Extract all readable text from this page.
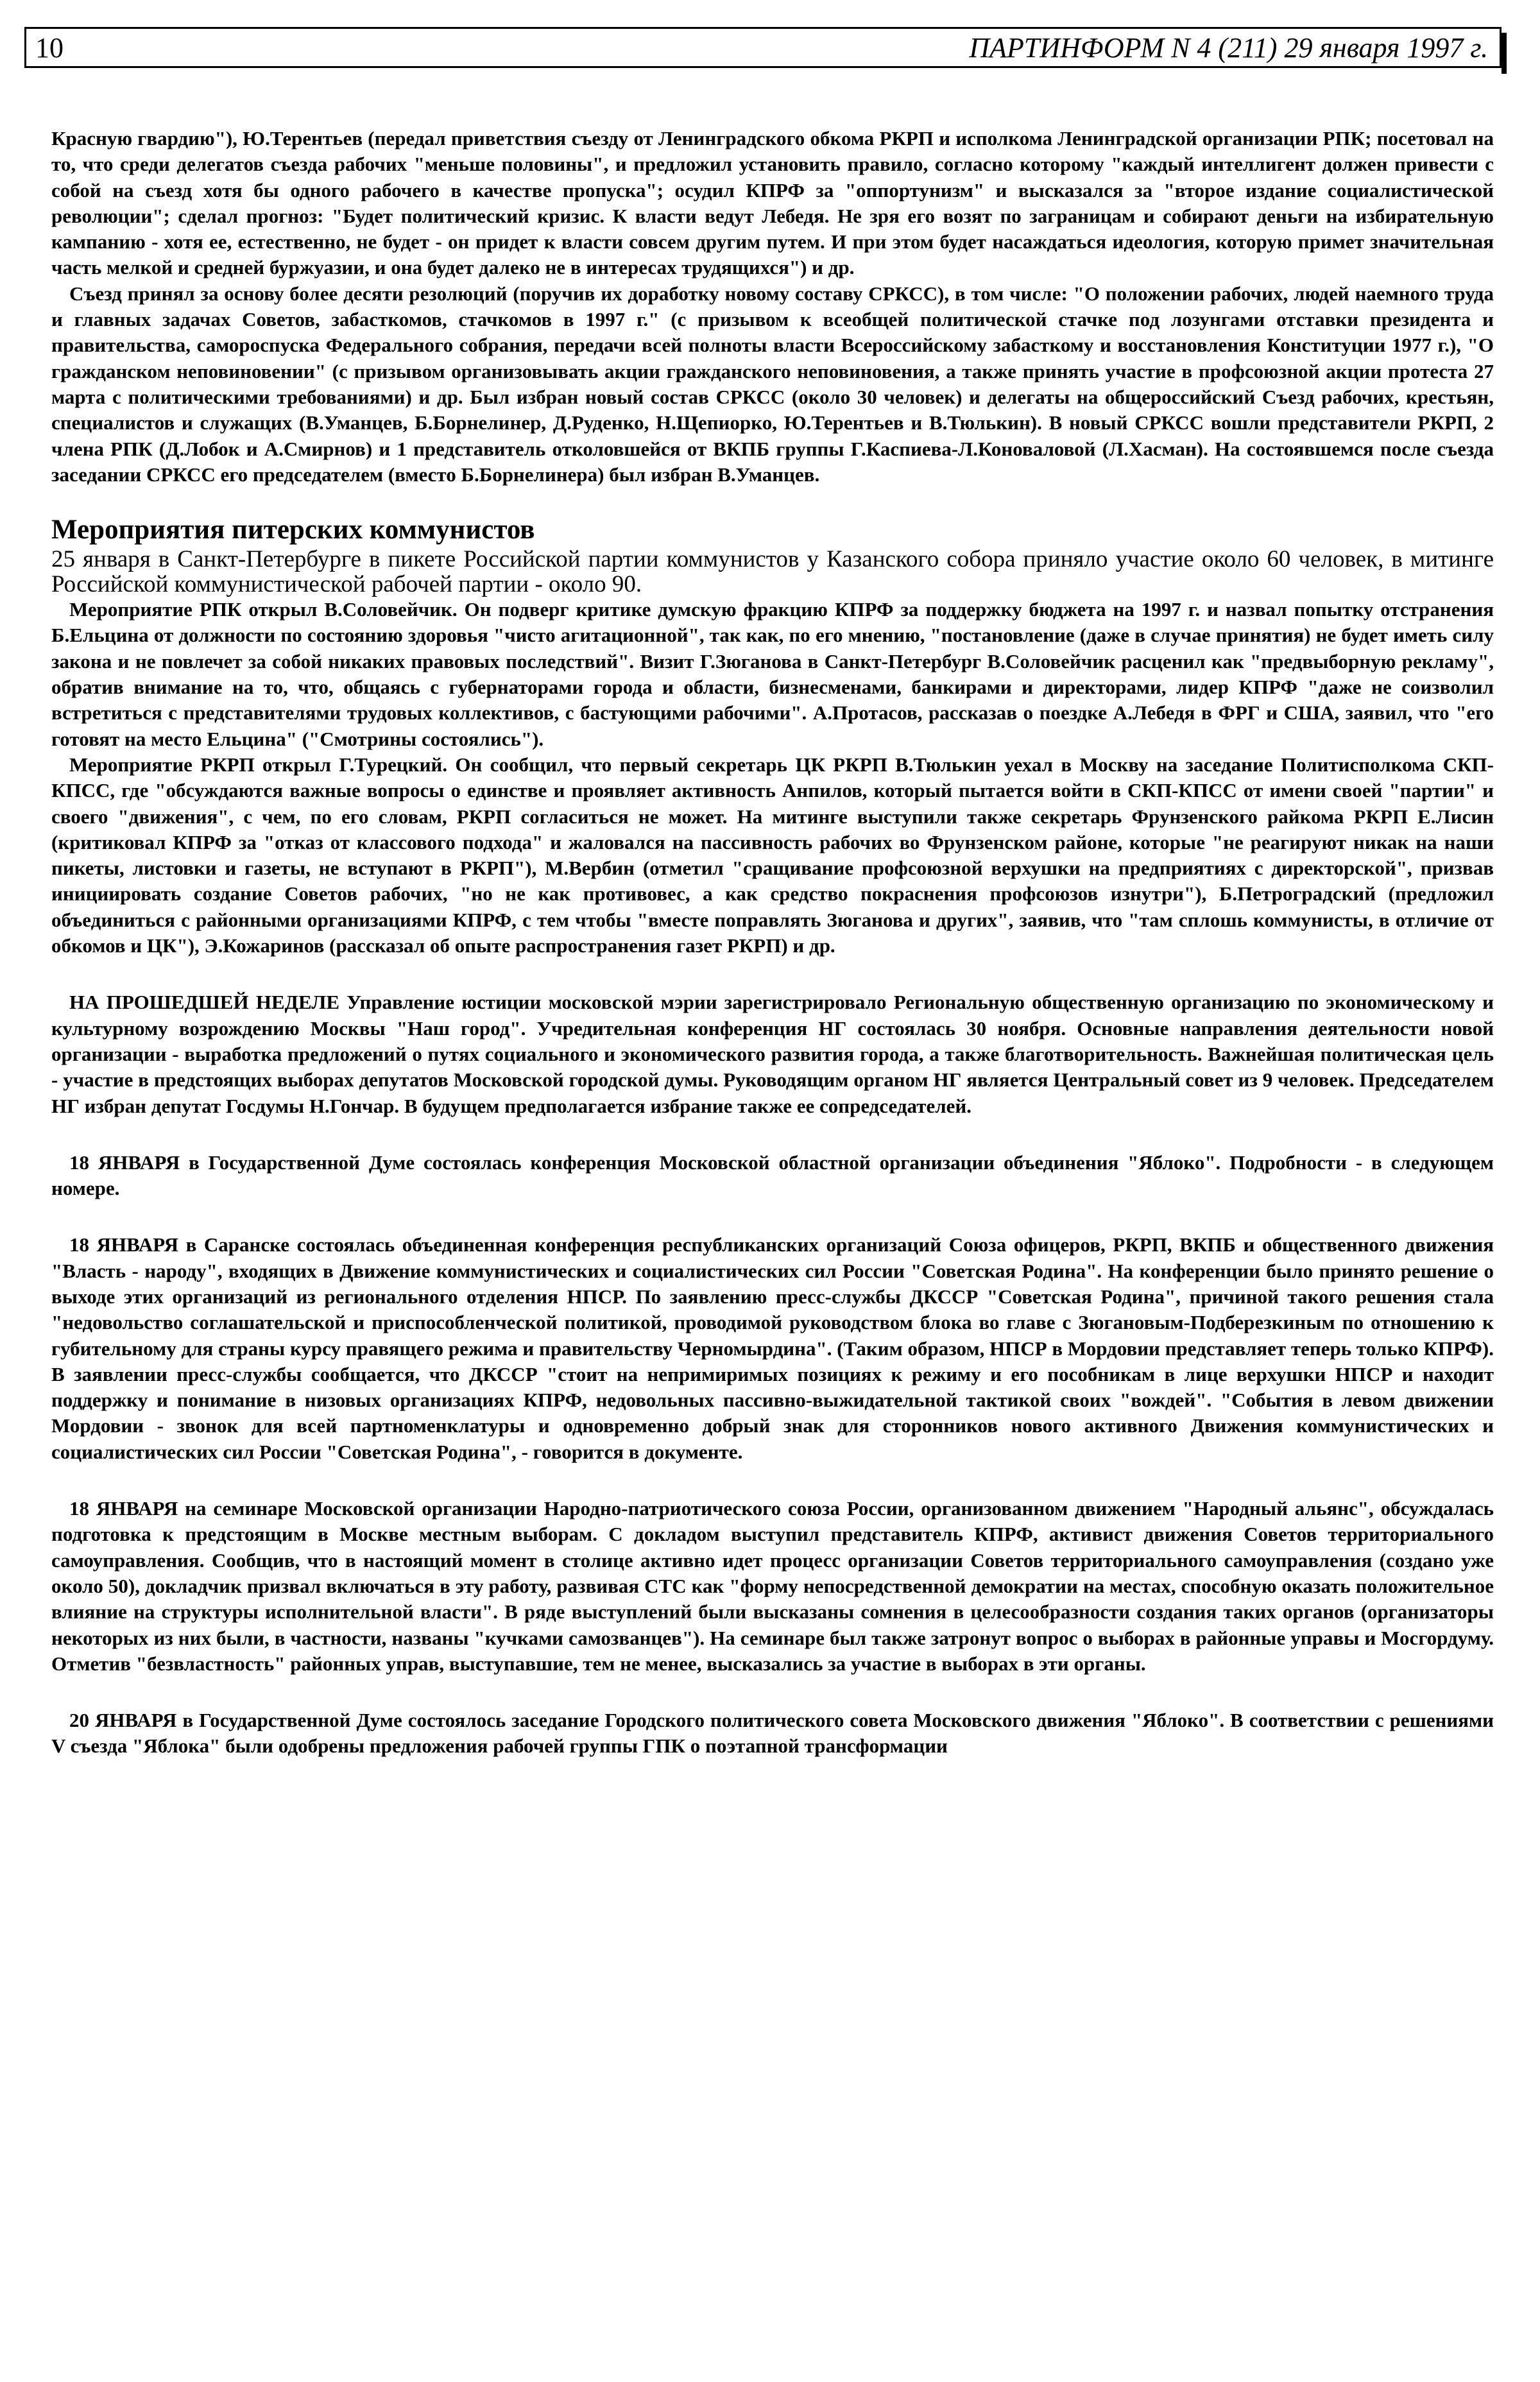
10	ПАРТИНФОРМ N 4 (211) 29 января 1997 г.

Красную гвардию"), Ю.Терентьев (передал приветствия съезду от Ленинградского обкома РКРП и исполкома Ленинградской организации РПК; посетовал на то, что среди делегатов съезда рабочих "меньше половины", и предложил установить правило, согласно которому "каждый интеллигент должен привести с собой на съезд хотя бы одного рабочего в качестве пропуска"; осудил КПРФ за "оппортунизм" и высказался за "второе издание социалистической революции"; сделал прогноз: "Будет политический кризис. К власти ведут Лебедя. Не зря его возят по заграницам и собирают деньги на избирательную кампанию - хотя ее, естественно, не будет - он придет к власти совсем другим путем. И при этом будет насаждаться идеология, которую примет значительная часть мелкой и средней буржуазии, и она будет далеко не в интересах трудящихся") и др.

Съезд принял за основу более десяти резолюций (поручив их доработку новому составу СРКСС), в том числе: "О положении рабочих, людей наемного труда и главных задачах Советов, забасткомов, стачкомов в 1997 г." (с призывом к всеобщей политической стачке под лозунгами отставки президента и правительства, самороспуска Федерального собрания, передачи всей полноты власти Всероссийскому забасткому и восстановления Конституции 1977 г.), "О гражданском неповиновении" (с призывом организовывать акции гражданского неповиновения, а также принять участие в профсоюзной акции протеста 27 марта с политическими требованиями) и др. Был избран новый состав СРКСС (около 30 человек) и делегаты на общероссийский Съезд рабочих, крестьян, специалистов и служащих (В.Уманцев, Б.Борнелинер, Д.Руденко, Н.Щепиорко, Ю.Терентьев и В.Тюлькин). В новый СРКСС вошли представители РКРП, 2 члена РПК (Д.Лобок и А.Смирнов) и 1 представитель отколовшейся от ВКПБ группы Г.Каспиева-Л.Коноваловой (Л.Хасман). На состоявшемся после съезда заседании СРКСС его председателем (вместо Б.Борнелинера) был избран В.Уманцев.

Мероприятия питерских коммунистов

25 января в Санкт-Петербурге в пикете Российской партии коммунистов у Казанского собора приняло участие около 60 человек, в митинге Российской коммунистической рабочей партии - около 90.

Мероприятие РПК открыл В.Соловейчик. Он подверг критике думскую фракцию КПРФ за поддержку бюджета на 1997 г. и назвал попытку отстранения Б.Ельцина от должности по состоянию здоровья "чисто агитационной", так как, по его мнению, "постановление (даже в случае принятия) не будет иметь силу закона и не повлечет за собой никаких правовых последствий". Визит Г.Зюганова в Санкт-Петербург В.Соловейчик расценил как "предвыборную рекламу", обратив внимание на то, что, общаясь с губернаторами города и области, бизнесменами, банкирами и директорами, лидер КПРФ "даже не соизволил встретиться с представителями трудовых коллективов, с бастующими рабочими". А.Протасов, рассказав о поездке А.Лебедя в ФРГ и США, заявил, что "его готовят на место Ельцина" ("Смотрины состоялись").

Мероприятие РКРП открыл Г.Турецкий. Он сообщил, что первый секретарь ЦК РКРП В.Тюлькин уехал в Москву на заседание Политисполкома СКП-КПСС, где "обсуждаются важные вопросы о единстве и проявляет активность Анпилов, который пытается войти в СКП-КПСС от имени своей "партии" и своего "движения", с чем, по его словам, РКРП согласиться не может. На митинге выступили также секретарь Фрунзенского райкома РКРП Е.Лисин (критиковал КПРФ за "отказ от классового подхода" и жаловался на пассивность рабочих во Фрунзенском районе, которые "не реагируют никак на наши пикеты, листовки и газеты, не вступают в РКРП"), М.Вербин (отметил "сращивание профсоюзной верхушки на предприятиях с директорской", призвав инициировать создание Советов рабочих, "но не как противовес, а как средство покраснения профсоюзов изнутри"), Б.Петроградский (предложил объединиться с районными организациями КПРФ, с тем чтобы "вместе поправлять Зюганова и других", заявив, что "там сплошь коммунисты, в отличие от обкомов и ЦК"), Э.Кожаринов (рассказал об опыте распространения газет РКРП) и др.

НА ПРОШЕДШЕЙ НЕДЕЛЕ Управление юстиции московской мэрии зарегистрировало Региональную общественную организацию по экономическому и культурному возрождению Москвы "Наш город". Учредительная конференция НГ состоялась 30 ноября. Основные направления деятельности новой организации - выработка предложений о путях социального и экономического развития города, а также благотворительность. Важнейшая политическая цель - участие в предстоящих выборах депутатов Московской городской думы. Руководящим органом НГ является Центральный совет из 9 человек. Председателем НГ избран депутат Госдумы Н.Гончар. В будущем предполагается избрание также ее сопредседателей.

18 ЯНВАРЯ в Государственной Думе состоялась конференция Московской областной организации объединения "Яблоко". Подробности - в следующем номере.

18 ЯНВАРЯ в Саранске состоялась объединенная конференция республиканских организаций Союза офицеров, РКРП, ВКПБ и общественного движения "Власть - народу", входящих в Движение коммунистических и социалистических сил России "Советская Родина". На конференции было принято решение о выходе этих организаций из регионального отделения НПСР. По заявлению пресс-службы ДКССР "Советская Родина", причиной такого решения стала "недовольство соглашательской и приспособленческой политикой, проводимой руководством блока во главе с Зюгановым-Подберезкиным по отношению к губительному для страны курсу правящего режима и правительству Черномырдина". (Таким образом, НПСР в Мордовии представляет теперь только КПРФ). В заявлении пресс-службы сообщается, что ДКССР "стоит на непримиримых позициях к режиму и его пособникам в лице верхушки НПСР и находит поддержку и понимание в низовых организациях КПРФ, недовольных пассивно-выжидательной тактикой своих "вождей". "События в левом движении Мордовии - звонок для всей партноменклатуры и одновременно добрый знак для сторонников нового активного Движения коммунистических и социалистических сил России "Советская Родина", - говорится в документе.

18 ЯНВАРЯ на семинаре Московской организации Народно-патриотического союза России, организованном движением "Народный альянс", обсуждалась подготовка к предстоящим в Москве местным выборам. С докладом выступил представитель КПРФ, активист движения Советов территориального самоуправления. Сообщив, что в настоящий момент в столице активно идет процесс организации Советов территориального самоуправления (создано уже около 50), докладчик призвал включаться в эту работу, развивая СТС как "форму непосредственной демократии на местах, способную оказать положительное влияние на структуры исполнительной власти". В ряде выступлений были высказаны сомнения в целесообразности создания таких органов (организаторы некоторых из них были, в частности, названы "кучками самозванцев"). На семинаре был также затронут вопрос о выборах в районные управы и Мосгордуму. Отметив "безвластность" районных управ, выступавшие, тем не менее, высказались за участие в выборах в эти органы.

20 ЯНВАРЯ в Государственной Думе состоялось заседание Городского политического совета Московского движения "Яблоко". В соответствии с решениями V съезда "Яблока" были одобрены предложения рабочей группы ГПК о поэтапной трансформации
